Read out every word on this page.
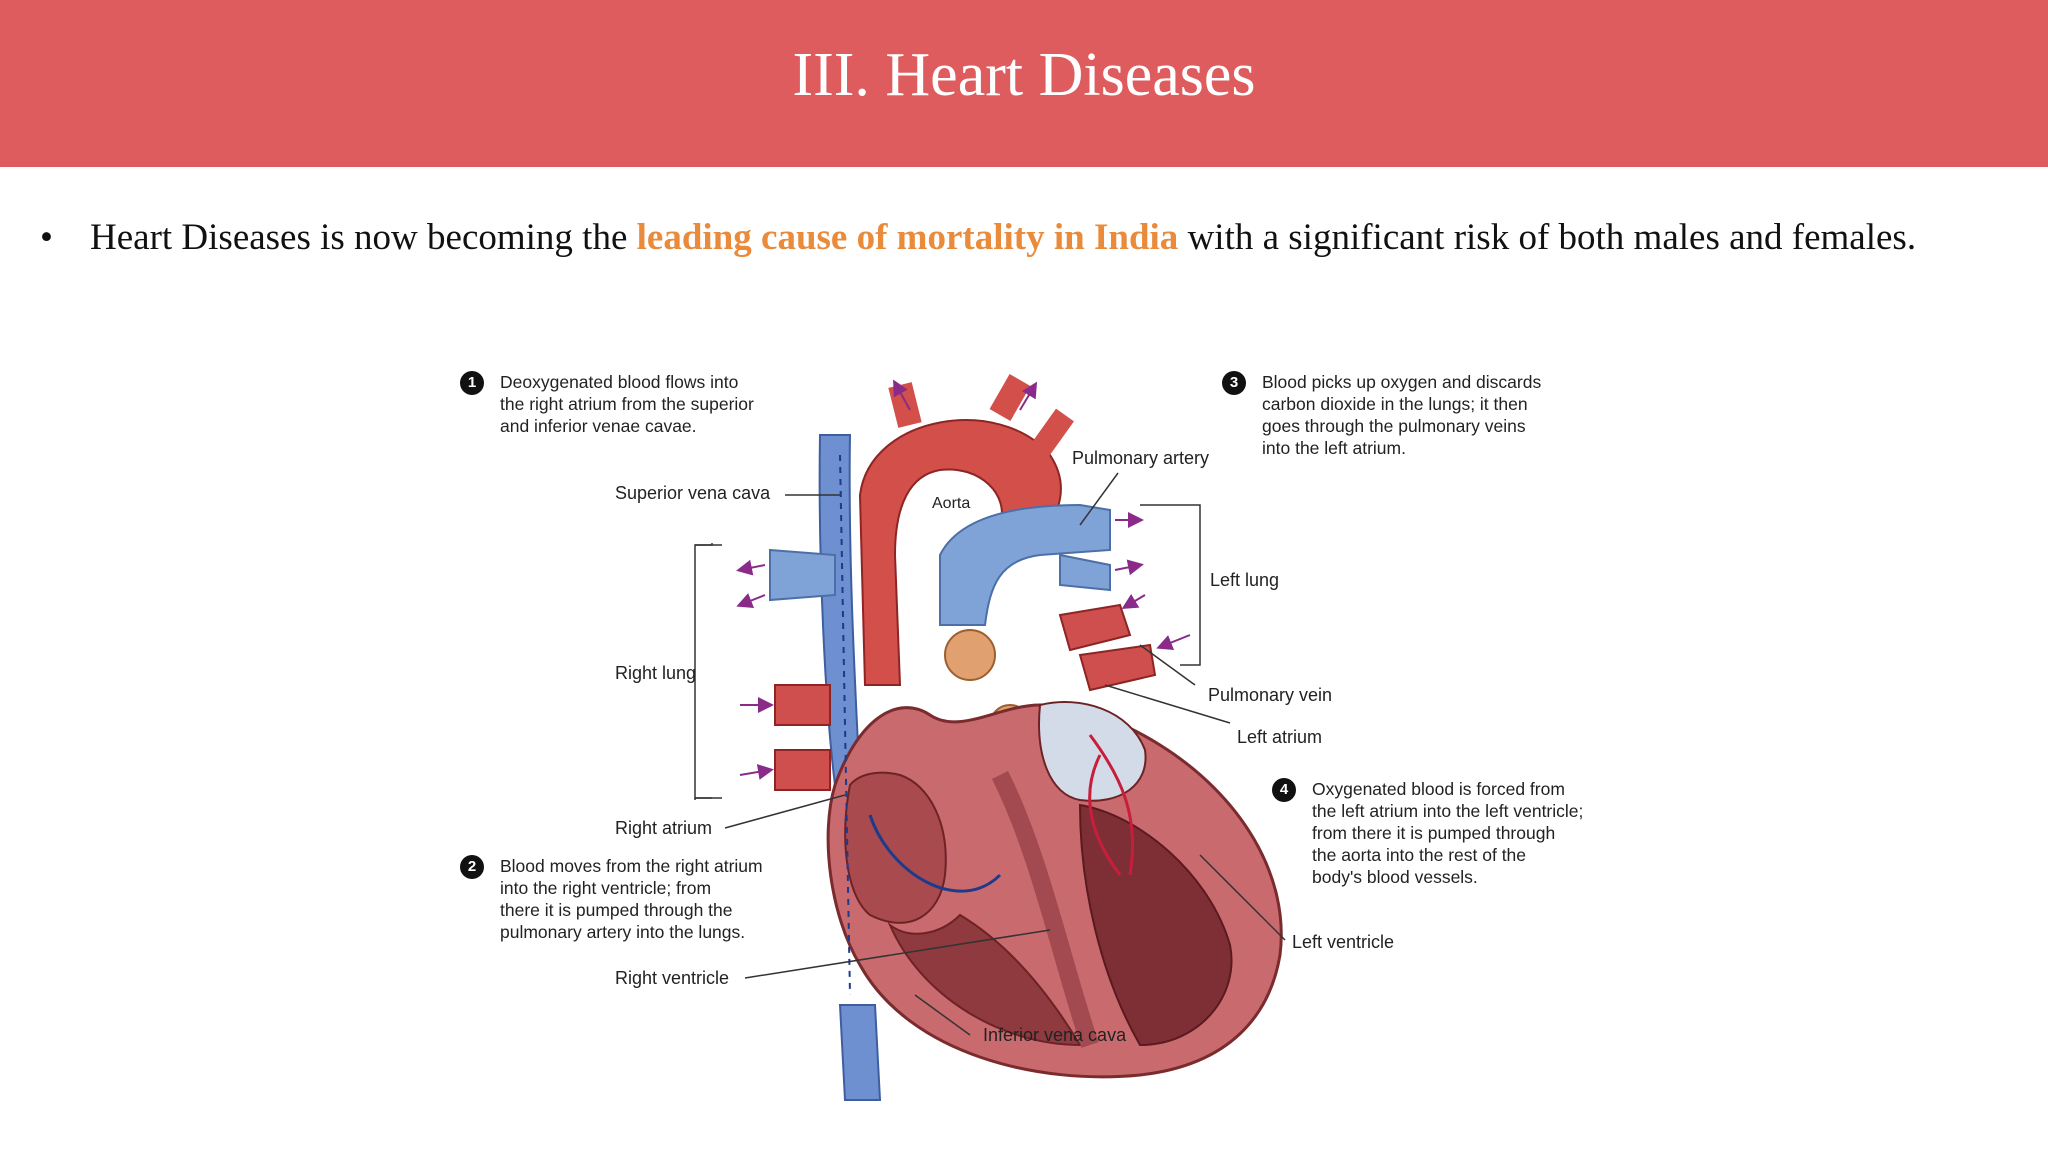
III. Heart Diseases
• Heart Diseases is now becoming the leading cause of mortality in India with a significant risk of both males and females.
1	Deoxygenated blood flows into
the right atrium from the superior
and inferior venae cavae.
2	Blood moves from the right atrium
into the right ventricle; from
there it is pumped through the
pulmonary artery into the lungs.
3	Blood picks up oxygen and discards
carbon dioxide in the lungs; it then
goes through the pulmonary veins
into the left atrium.
4	Oxygenated blood is forced from
the left atrium into the left ventricle;
from there it is pumped through
the aorta into the rest of the
body's blood vessels.
Superior vena cava
Right lung
Right atrium
Right ventricle
Inferior vena cava
Aorta
Pulmonary artery
Left lung
Pulmonary vein
Left atrium
Left ventricle
